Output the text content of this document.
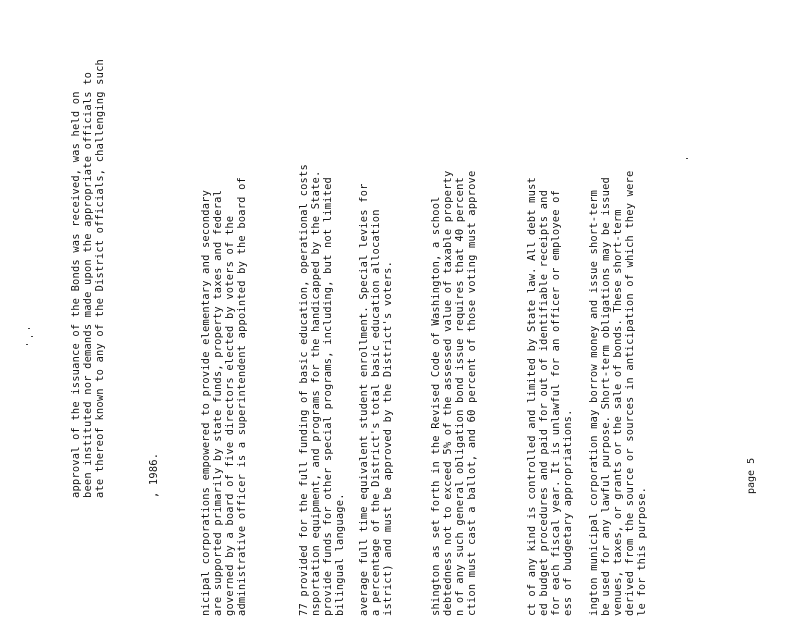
approval of the issuance of the Bonds was received, was held on been instituted nor demands made upon the appropriate officials to ate thereof known to any of the District officials, challenging such	, 1986.	nicipal corporations empowered to provide elementary and secondary are supported primarily by state funds, property taxes and federal governed by a board of five directors elected by voters of the administrative officer is a superintendent appointed by the board of	77 provided for the full funding of basic education, operational costs nsportation equipment, and programs for the handicapped by the State. provide funds for other special programs, including, but not limited bilingual language. average full time equivalent student enrollment. Special levies for a percentage of the District's total basic education allocation istrict) and must be approved by the District's voters.	shington as set forth in the Revised Code of Washington, a school debtedness not to exceed 5% of the assessed value of taxable property n of any such general obligation bond issue requires that 40 percent ction must cast a ballot, and 60 percent of those voting must approve	ct of any kind is controlled and limited by State law. All debt must ed budget procedures and paid for out of identifiable receipts and for each fiscal year. It is unlawful for an officer or employee of ess of budgetary appropriations. ington municipal corporation may borrow money and issue short-term be used for any lawful purpose. Short-term obligations may be issued venues, taxes, or grants or the sale of bonds. These short-term derived from the source or sources in anticipation of which they were le for this purpose.
page 5
